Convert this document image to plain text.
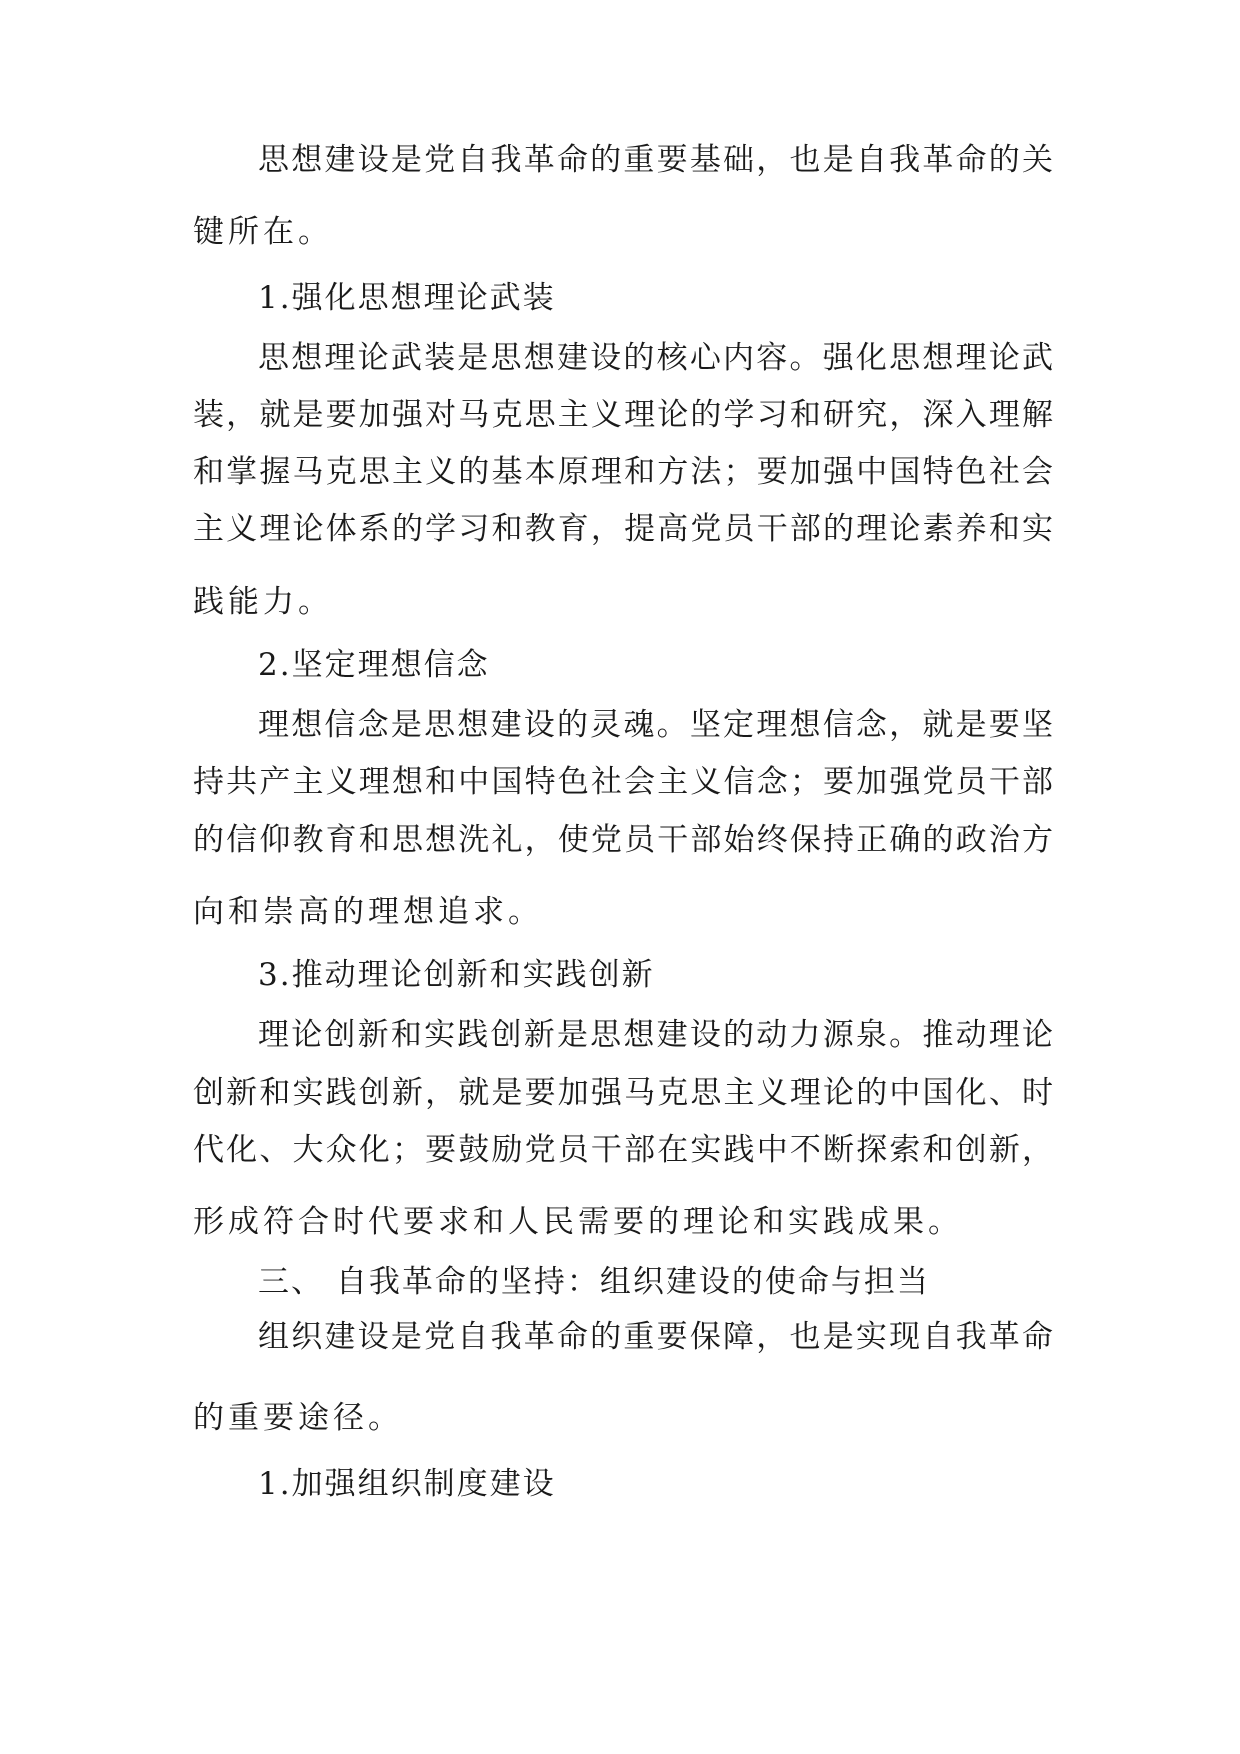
思想建设是党自我革命的重要基础，也是自我革命的关
键所在。
1.强化思想理论武装
思想理论武装是思想建设的核心内容。强化思想理论武
装，就是要加强对马克思主义理论的学习和研究，深入理解
和掌握马克思主义的基本原理和方法；要加强中国特色社会
主义理论体系的学习和教育，提高党员干部的理论素养和实
践能力。
2.坚定理想信念
理想信念是思想建设的灵魂。坚定理想信念，就是要坚
持共产主义理想和中国特色社会主义信念；要加强党员干部
的信仰教育和思想洗礼，使党员干部始终保持正确的政治方
向和崇高的理想追求。
3.推动理论创新和实践创新
理论创新和实践创新是思想建设的动力源泉。推动理论
创新和实践创新，就是要加强马克思主义理论的中国化、时
代化、大众化；要鼓励党员干部在实践中不断探索和创新，
形成符合时代要求和人民需要的理论和实践成果。
三、 自我革命的坚持：组织建设的使命与担当
组织建设是党自我革命的重要保障，也是实现自我革命
的重要途径。
1.加强组织制度建设
